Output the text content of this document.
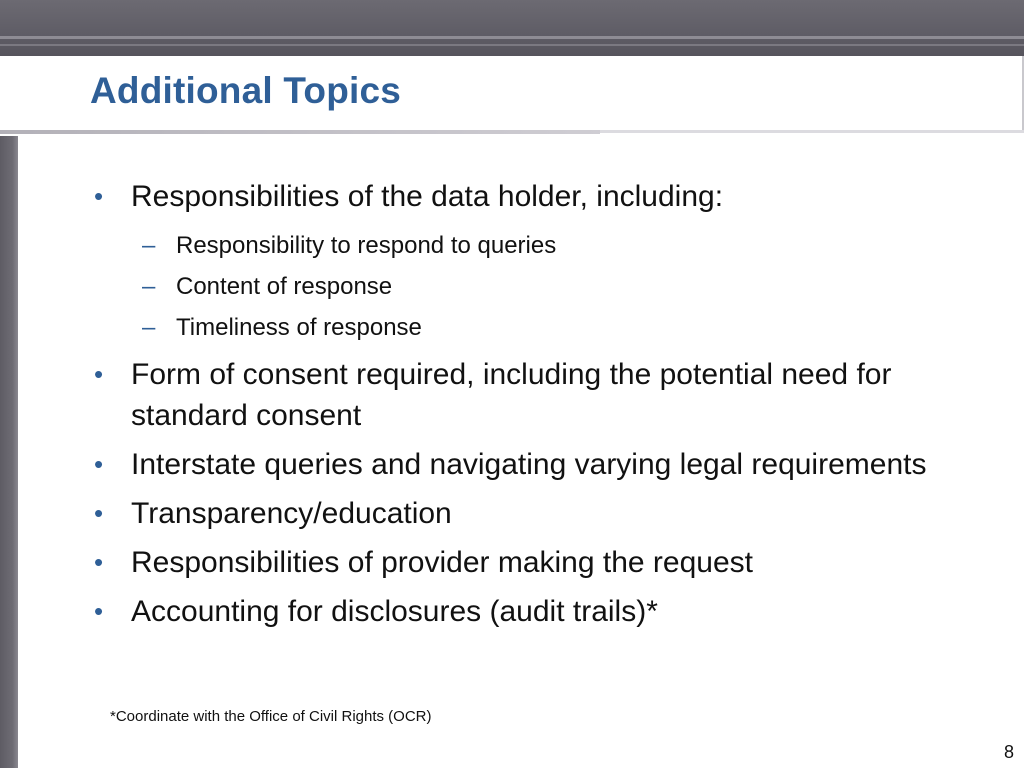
Additional Topics
• Responsibilities of the data holder, including:
– Responsibility to respond to queries
– Content of response
– Timeliness of response
• Form of consent required, including the potential need for standard consent
• Interstate queries and navigating varying legal requirements
• Transparency/education
• Responsibilities of provider making the request
• Accounting for disclosures (audit trails)*
*Coordinate with the Office of Civil Rights (OCR)
8
